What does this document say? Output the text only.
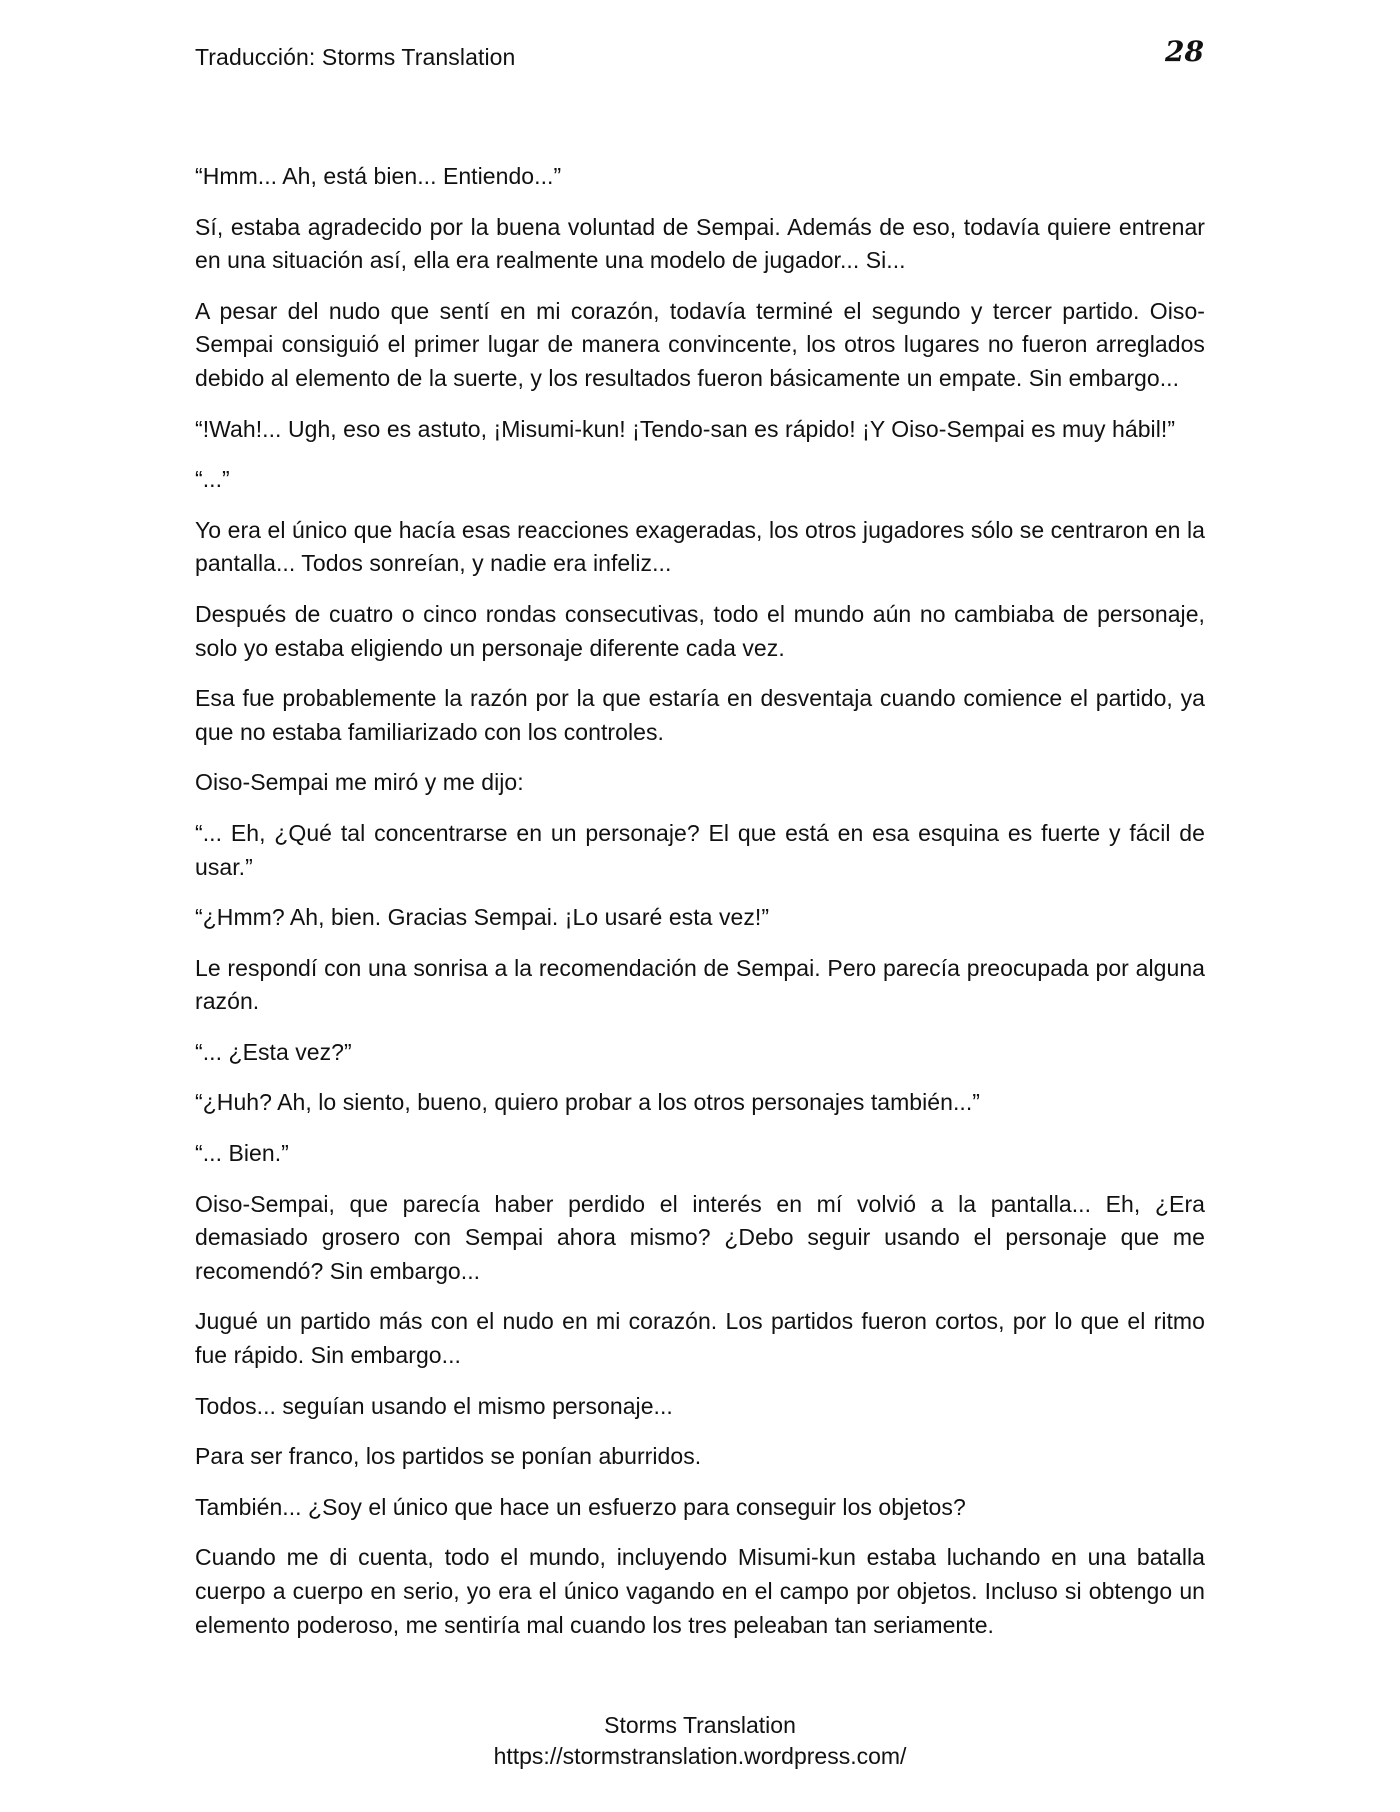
Traducción: Storms Translation	28

“Hmm... Ah, está bien... Entiendo...”

Sí, estaba agradecido por la buena voluntad de Sempai. Además de eso, todavía quiere entrenar en una situación así, ella era realmente una modelo de jugador... Si...

A pesar del nudo que sentí en mi corazón, todavía terminé el segundo y tercer partido. Oiso-Sempai consiguió el primer lugar de manera convincente, los otros lugares no fueron arreglados debido al elemento de la suerte, y los resultados fueron básicamente un empate. Sin embargo...

“!Wah!... Ugh, eso es astuto, ¡Misumi-kun! ¡Tendo-san es rápido! ¡Y Oiso-Sempai es muy hábil!”

“...”

Yo era el único que hacía esas reacciones exageradas, los otros jugadores sólo se centraron en la pantalla... Todos sonreían, y nadie era infeliz...

Después de cuatro o cinco rondas consecutivas, todo el mundo aún no cambiaba de personaje, solo yo estaba eligiendo un personaje diferente cada vez.

Esa fue probablemente la razón por la que estaría en desventaja cuando comience el partido, ya que no estaba familiarizado con los controles.

Oiso-Sempai me miró y me dijo:

“... Eh, ¿Qué tal concentrarse en un personaje? El que está en esa esquina es fuerte y fácil de usar.”

“¿Hmm? Ah, bien. Gracias Sempai. ¡Lo usaré esta vez!”

Le respondí con una sonrisa a la recomendación de Sempai. Pero parecía preocupada por alguna razón.

“... ¿Esta vez?”

“¿Huh? Ah, lo siento, bueno, quiero probar a los otros personajes también...”

“... Bien.”

Oiso-Sempai, que parecía haber perdido el interés en mí volvió a la pantalla... Eh, ¿Era demasiado grosero con Sempai ahora mismo? ¿Debo seguir usando el personaje que me recomendó? Sin embargo...

Jugué un partido más con el nudo en mi corazón. Los partidos fueron cortos, por lo que el ritmo fue rápido. Sin embargo...

Todos... seguían usando el mismo personaje...

Para ser franco, los partidos se ponían aburridos.

También... ¿Soy el único que hace un esfuerzo para conseguir los objetos?

Cuando me di cuenta, todo el mundo, incluyendo Misumi-kun estaba luchando en una batalla cuerpo a cuerpo en serio, yo era el único vagando en el campo por objetos. Incluso si obtengo un elemento poderoso, me sentiría mal cuando los tres peleaban tan seriamente.

Storms Translation
https://stormstranslation.wordpress.com/
